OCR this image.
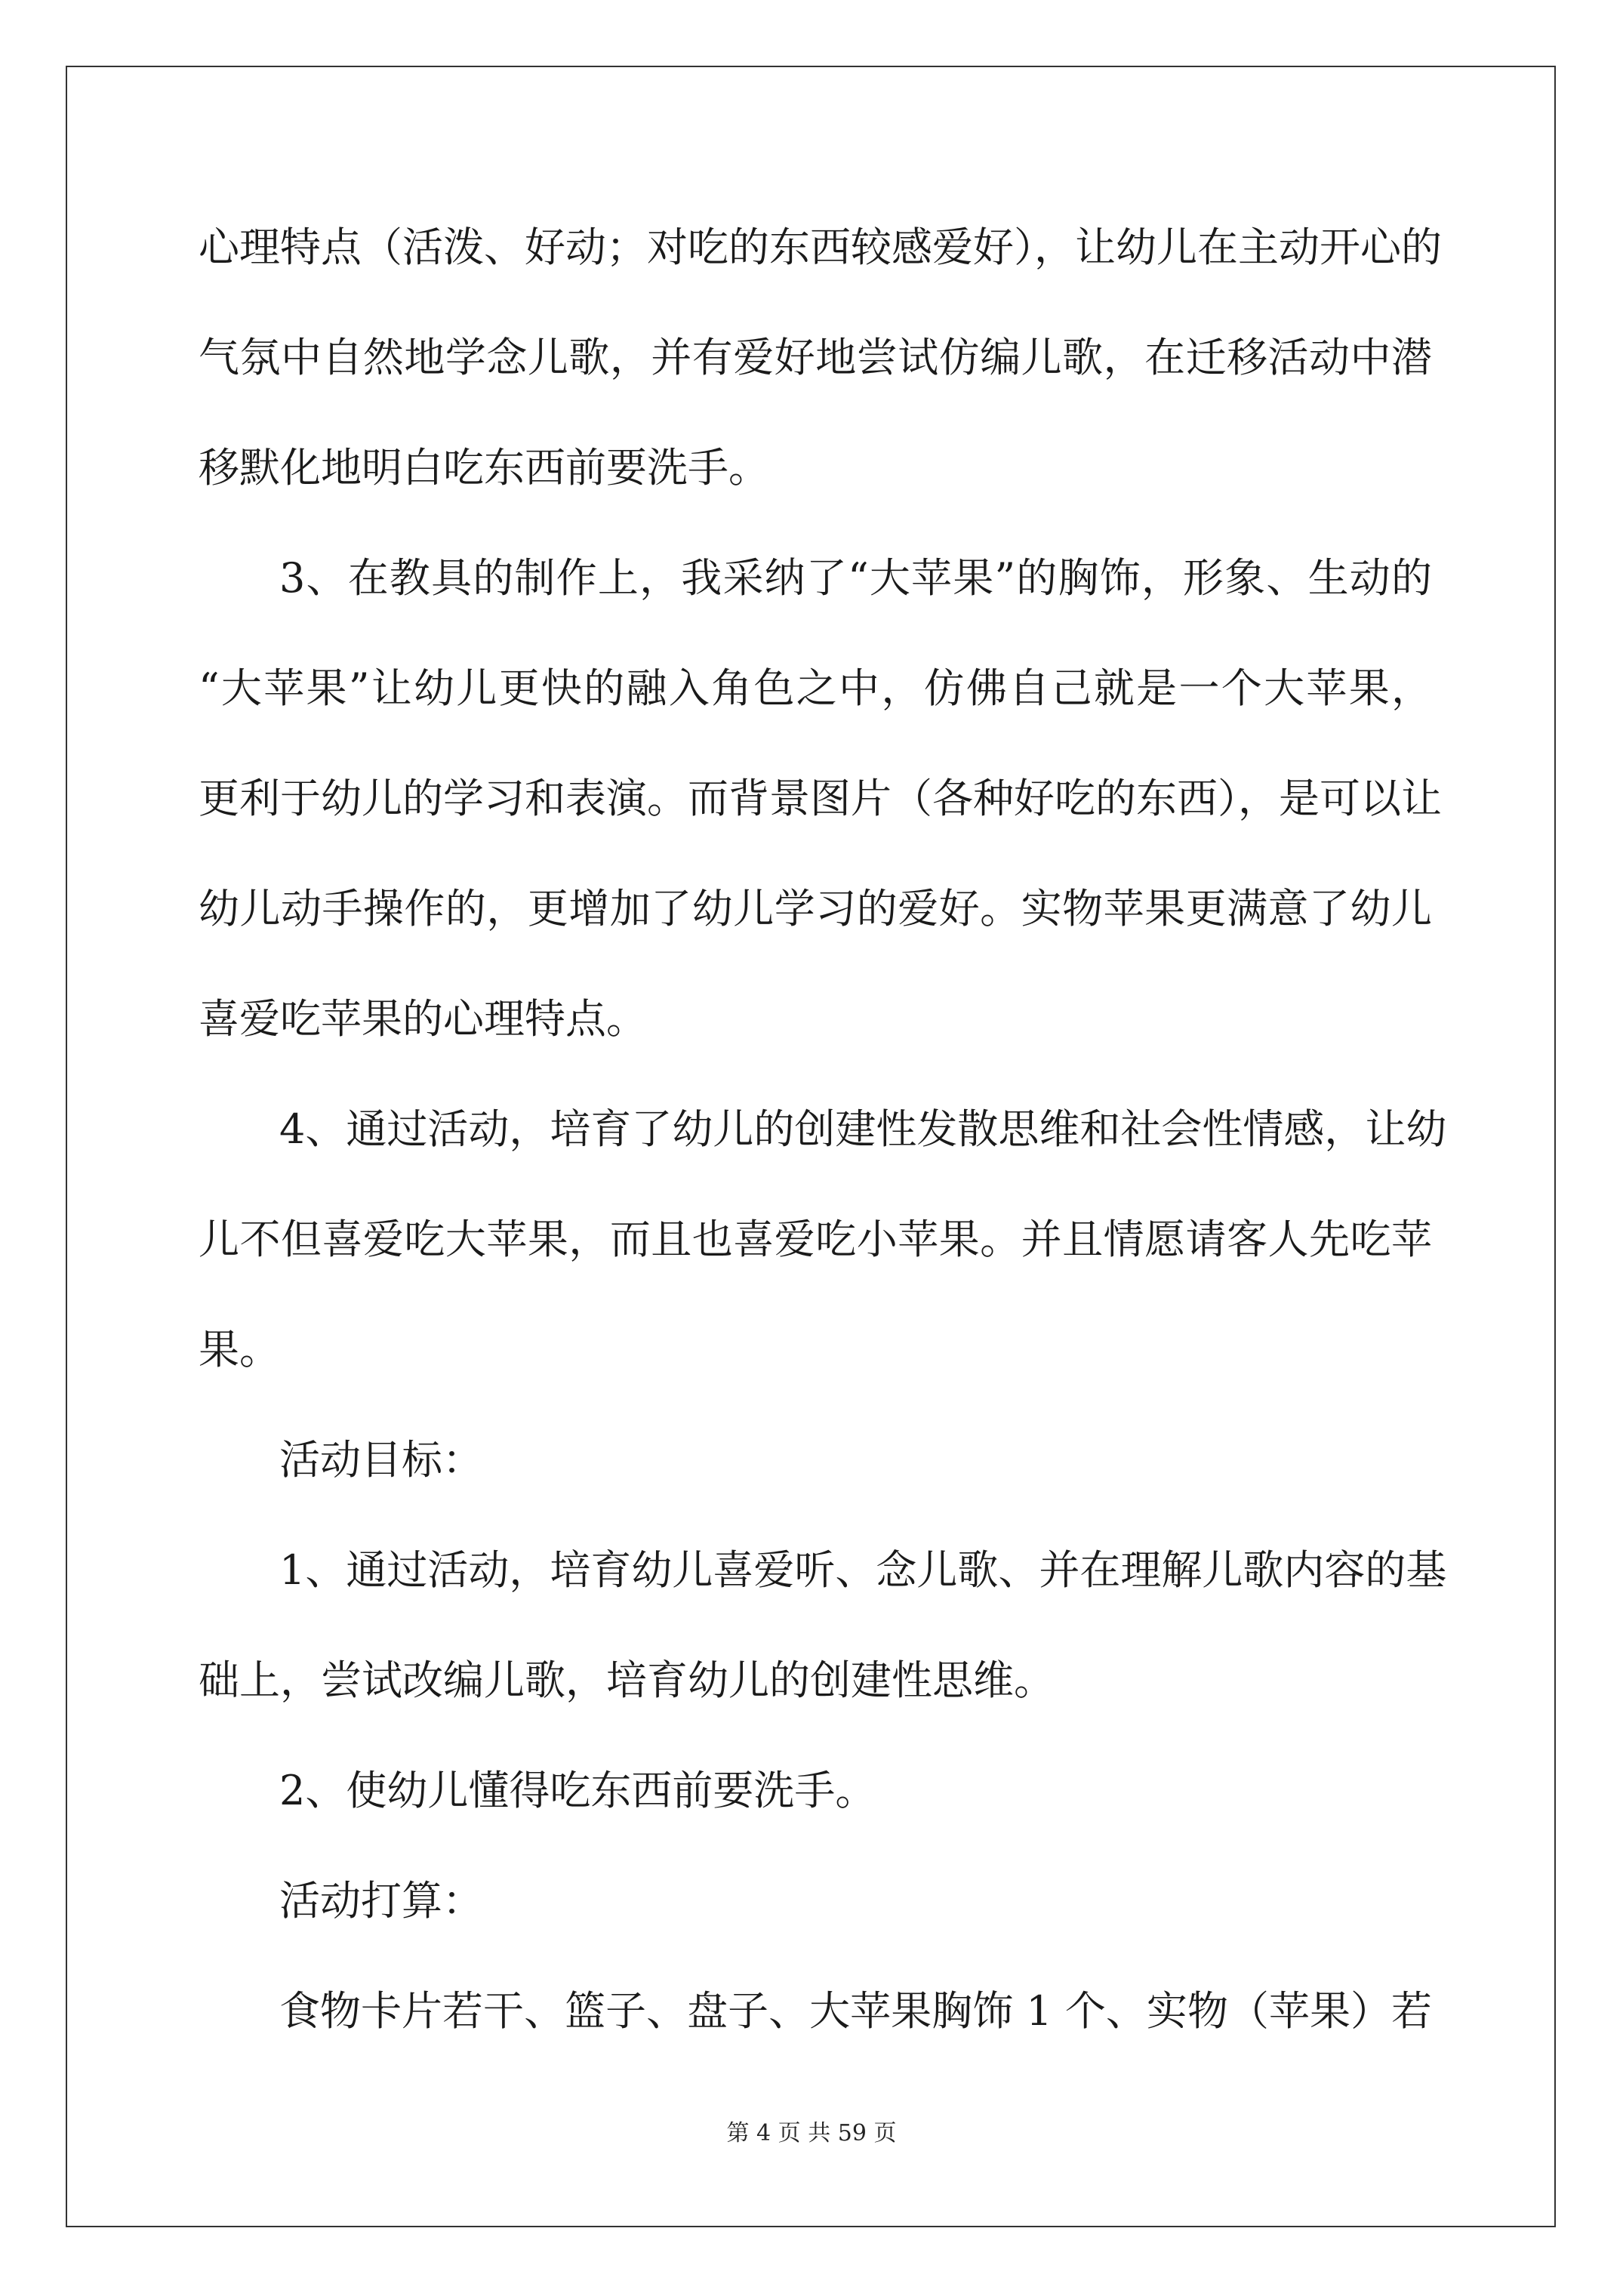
心理特点（活泼、好动；对吃的东西较感爱好），让幼儿在主动开心的
气氛中自然地学念儿歌，并有爱好地尝试仿编儿歌，在迁移活动中潜
移默化地明白吃东西前要洗手。
3、在教具的制作上，我采纳了“大苹果”的胸饰，形象、生动的
“大苹果”让幼儿更快的融入角色之中，仿佛自己就是一个大苹果，
更利于幼儿的学习和表演。而背景图片（各种好吃的东西），是可以让
幼儿动手操作的，更增加了幼儿学习的爱好。实物苹果更满意了幼儿
喜爱吃苹果的心理特点。
4、通过活动，培育了幼儿的创建性发散思维和社会性情感，让幼
儿不但喜爱吃大苹果，而且也喜爱吃小苹果。并且情愿请客人先吃苹
果。
活动目标：
1、通过活动，培育幼儿喜爱听、念儿歌、并在理解儿歌内容的基
础上，尝试改编儿歌，培育幼儿的创建性思维。
2、使幼儿懂得吃东西前要洗手。
活动打算：
食物卡片若干、篮子、盘子、大苹果胸饰 1 个、实物（苹果）若
第 4 页 共 59 页
